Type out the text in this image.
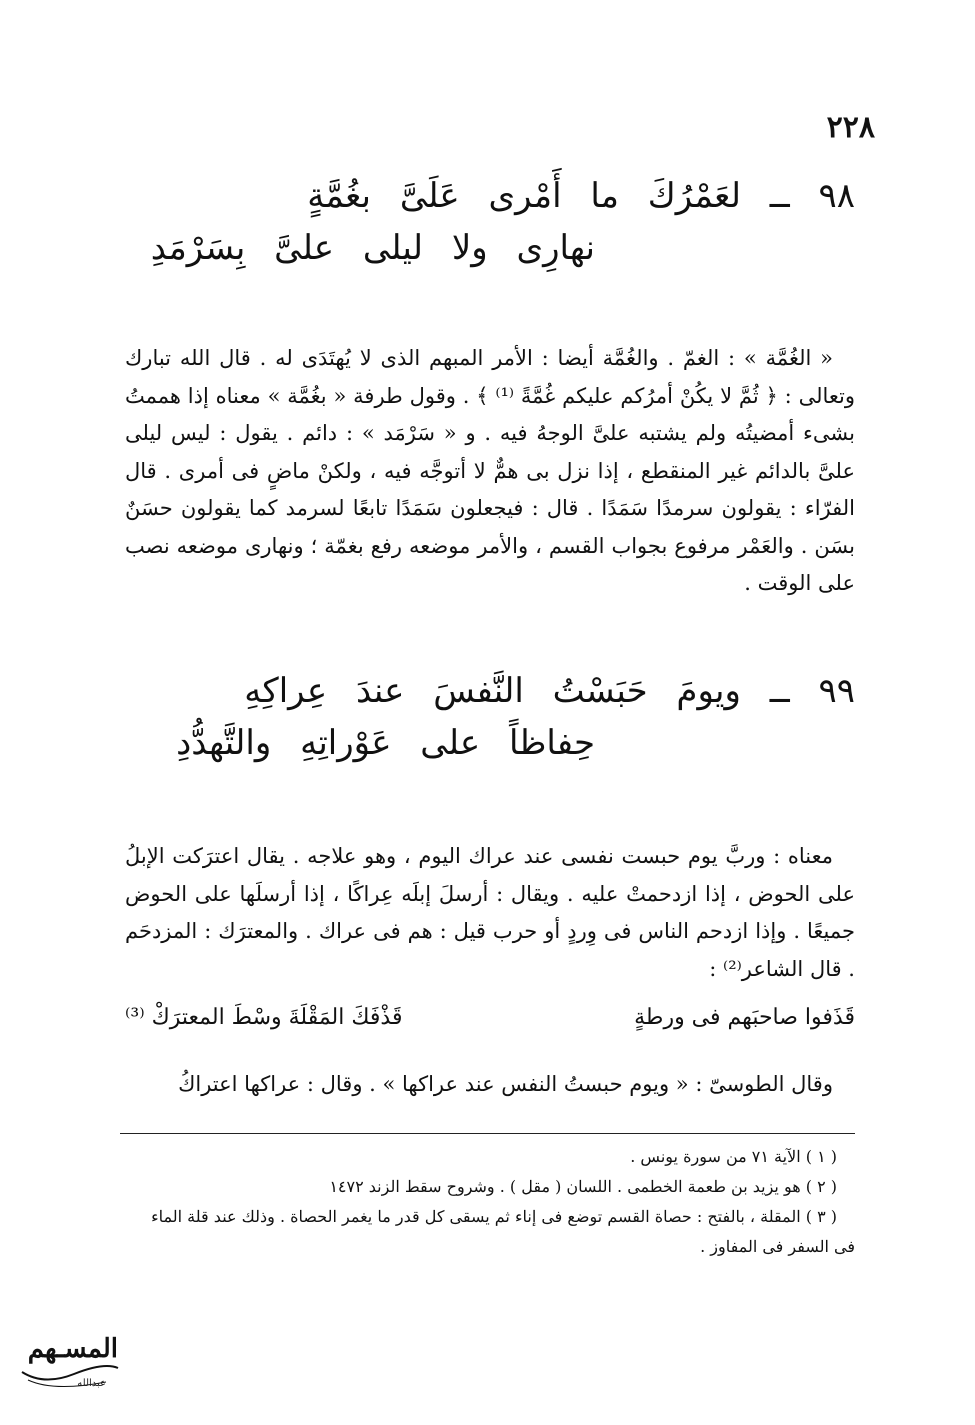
٢٢٨
٩٨ ــ لعَمْرُكَ ما أَمْرى عَلَىَّ بغُمَّةٍ
نهارِى ولا ليلى علىَّ بِسَرْمَدِ

« الغُمَّة » : الغمّ . والغُمَّة أيضا : الأمر المبهم الذى لا يُهتَدَى له . قال الله تبارك وتعالى : ﴿ ثُمَّ لا يكُنْ أمرُكم عليكم غُمَّةً ⁽¹⁾ ﴾ . وقول طرفة « بغُمَّة » معناه إذا هممتُ بشىء أمضيتُه ولم يشتبه علىَّ الوجهُ فيه . و « سَرْمَد » : دائم . يقول : ليس ليلى علىَّ بالدائم غير المنقطع ، إذا نزل بى همٌّ لا أتوجَّه فيه ، ولكنْ ماضٍ فى أمرى . قال الفرّاء : يقولون سرمدًا سَمَدًا . قال : فيجعلون سَمَدًا تابعًا لسرمد كما يقولون حسَنٌ بسَن . والعَمْر مرفوع بجواب القسم ، والأمر موضعه رفع بغمّة ؛ ونهارى موضعه نصب على الوقت .

٩٩ ــ ويومَ حَبَسْتُ النَّفسَ عندَ عِراكِهِ
حِفاظاً على عَوْراتِهِ والتَّهدُّدِ

معناه : وربَّ يوم حبست نفسى عند عراك اليوم ، وهو علاجه . يقال اعترَكت الإبلُ على الحوض ، إذا ازدحمتْ عليه . ويقال : أرسلَ إبلَه عِراكًا ، إذا أرسلَها على الحوض جميعًا . وإذا ازدحم الناس فى وِردٍ أو حرب قيل : هم فى عراك . والمعترَك : المزدحَم . قال الشاعر⁽²⁾ :

قَذَفوا صاحبَهم فى ورطةٍ
قَذْفَكَ المَقْلَةَ وسْطَ المعترَكْ ⁽³⁾
وقال الطوسىّ : « ويوم حبستُ النفس عند عراكها » . وقال : عراكها اعتراكُ
( ١ ) الآية ٧١ من سورة يونس .
( ٢ ) هو يزيد بن طعمة الخطمى . اللسان ( مقل ) . وشروح سقط الزند ١٤٧٢
( ٣ ) المقلة ، بالفتح : حصاة القسم توضع فى إناء ثم يسقى كل قدر ما يغمر الحصاة . وذلك عند قلة الماء
فى السفر فى المفاوز .
المسـهم
عبدالله
